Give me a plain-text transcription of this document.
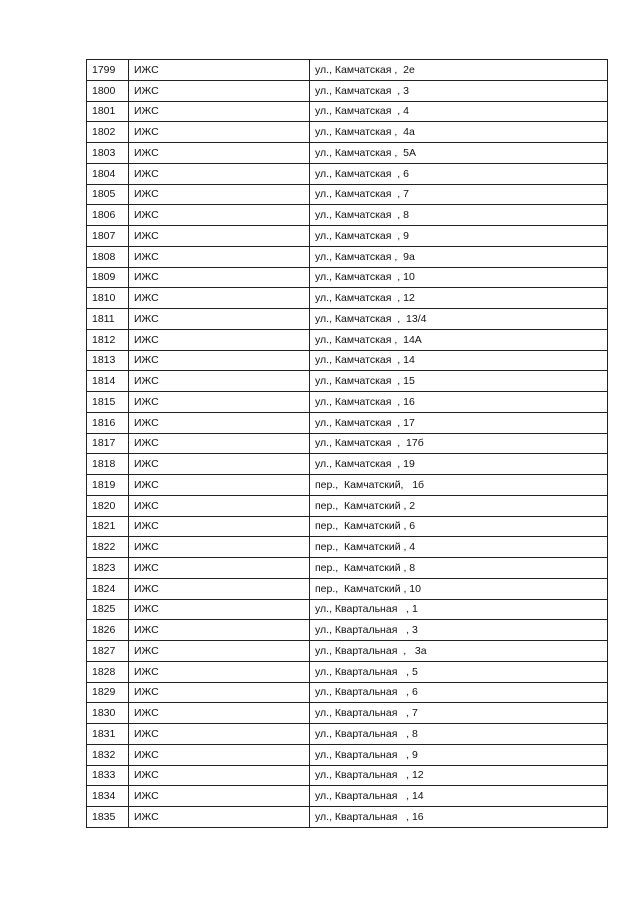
1799	ИЖС	ул., Камчатская ,  2е
1800	ИЖС	ул., Камчатская  , 3
1801	ИЖС	ул., Камчатская  , 4
1802	ИЖС	ул., Камчатская ,  4а
1803	ИЖС	ул., Камчатская ,  5А
1804	ИЖС	ул., Камчатская  , 6
1805	ИЖС	ул., Камчатская  , 7
1806	ИЖС	ул., Камчатская  , 8
1807	ИЖС	ул., Камчатская  , 9
1808	ИЖС	ул., Камчатская ,  9а
1809	ИЖС	ул., Камчатская  , 10
1810	ИЖС	ул., Камчатская  , 12
1811	ИЖС	ул., Камчатская  ,  13/4
1812	ИЖС	ул., Камчатская ,  14А
1813	ИЖС	ул., Камчатская  , 14
1814	ИЖС	ул., Камчатская  , 15
1815	ИЖС	ул., Камчатская  , 16
1816	ИЖС	ул., Камчатская  , 17
1817	ИЖС	ул., Камчатская  ,  17б
1818	ИЖС	ул., Камчатская  , 19
1819	ИЖС	пер.,  Камчатский,   1б
1820	ИЖС	пер.,  Камчатский , 2
1821	ИЖС	пер.,  Камчатский , 6
1822	ИЖС	пер.,  Камчатский , 4
1823	ИЖС	пер.,  Камчатский , 8
1824	ИЖС	пер.,  Камчатский , 10
1825	ИЖС	ул., Квартальная   , 1
1826	ИЖС	ул., Квартальная   , 3
1827	ИЖС	ул., Квартальная  ,   3а
1828	ИЖС	ул., Квартальная   , 5
1829	ИЖС	ул., Квартальная   , 6
1830	ИЖС	ул., Квартальная   , 7
1831	ИЖС	ул., Квартальная   , 8
1832	ИЖС	ул., Квартальная   , 9
1833	ИЖС	ул., Квартальная   , 12
1834	ИЖС	ул., Квартальная   , 14
1835	ИЖС	ул., Квартальная   , 16
